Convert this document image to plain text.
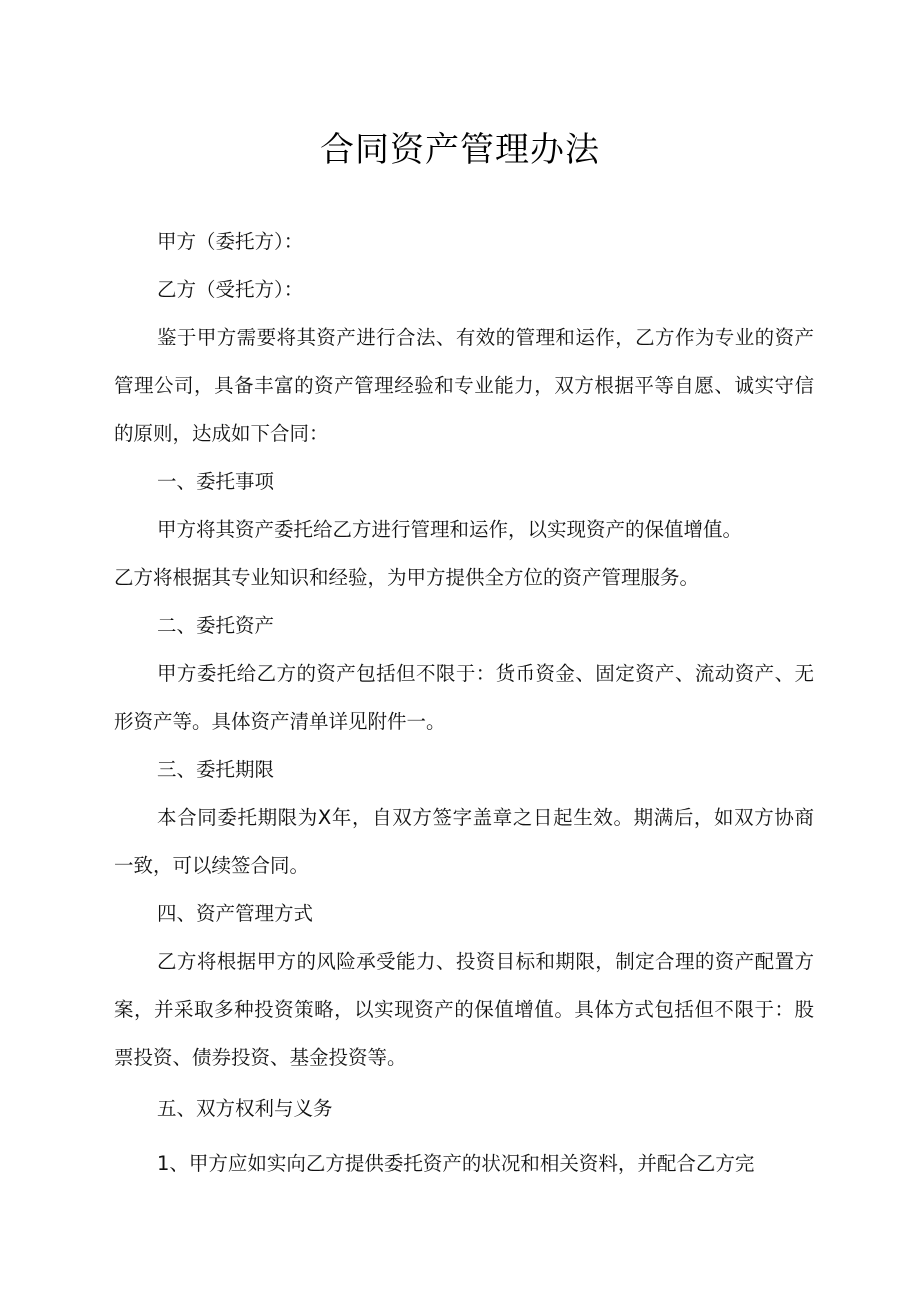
合同资产管理办法
甲方（委托方）：
乙方（受托方）：
鉴于甲方需要将其资产进行合法、有效的管理和运作，乙方作为专业的资产
管理公司，具备丰富的资产管理经验和专业能力，双方根据平等自愿、诚实守信
的原则，达成如下合同：
一、委托事项
甲方将其资产委托给乙方进行管理和运作，以实现资产的保值增值。
乙方将根据其专业知识和经验，为甲方提供全方位的资产管理服务。
二、委托资产
甲方委托给乙方的资产包括但不限于：货币资金、固定资产、流动资产、无
形资产等。具体资产清单详见附件一。
三、委托期限
本合同委托期限为X年，自双方签字盖章之日起生效。期满后，如双方协商
一致，可以续签合同。
四、资产管理方式
乙方将根据甲方的风险承受能力、投资目标和期限，制定合理的资产配置方
案，并采取多种投资策略，以实现资产的保值增值。具体方式包括但不限于：股
票投资、债券投资、基金投资等。
五、双方权利与义务
1、甲方应如实向乙方提供委托资产的状况和相关资料，并配合乙方完
